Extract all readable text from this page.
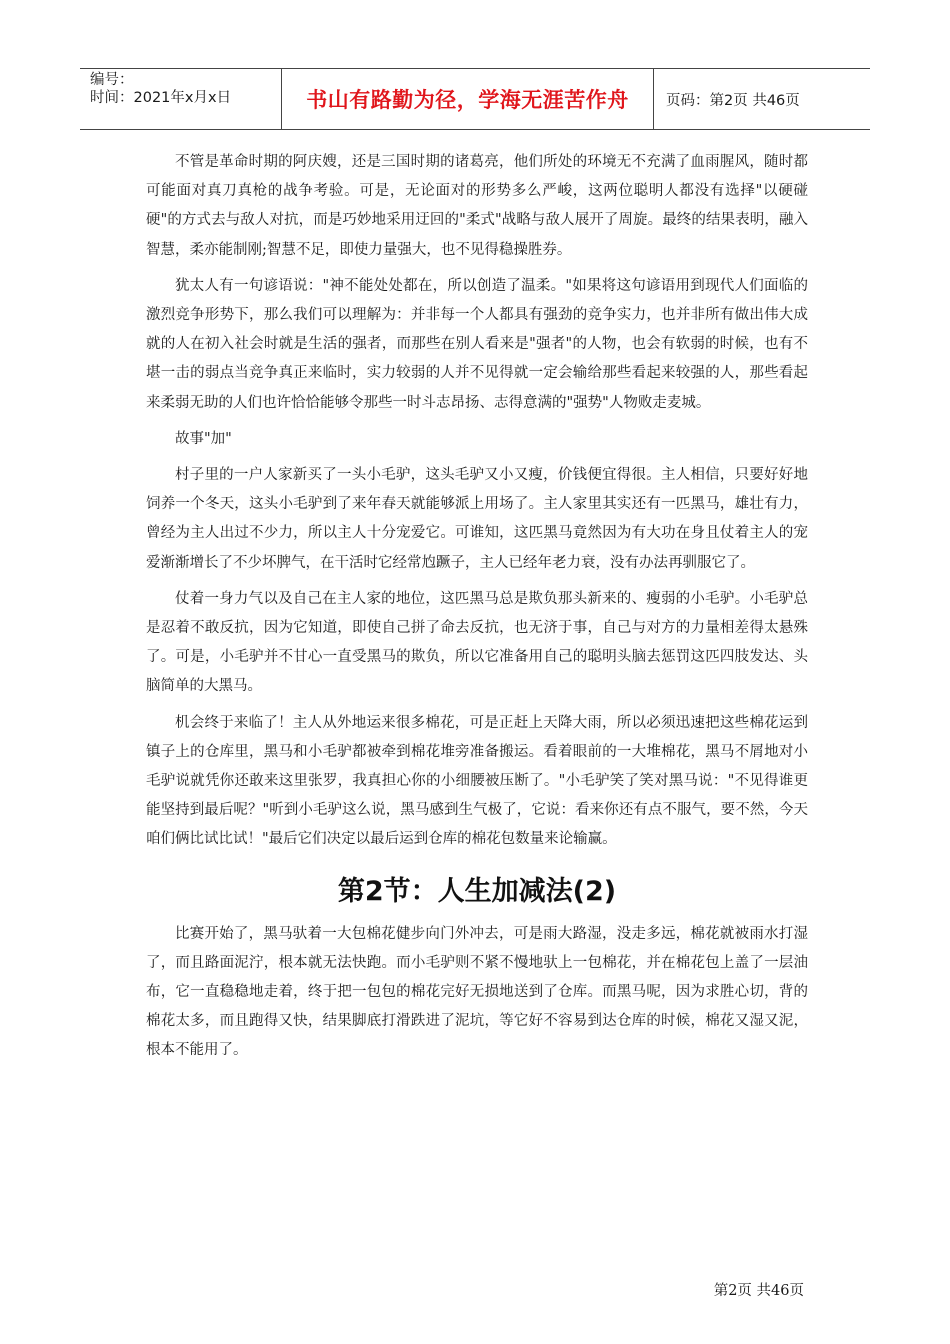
编号：
时间：2021年x月x日	书山有路勤为径，学海无涯苦作舟	页码：第2页 共46页

不管是革命时期的阿庆嫂，还是三国时期的诸葛亮，他们所处的环境无不充满了血雨腥风，随时都可能面对真刀真枪的战争考验。可是，无论面对的形势多么严峻，这两位聪明人都没有选择"以硬碰硬"的方式去与敌人对抗，而是巧妙地采用迂回的"柔式"战略与敌人展开了周旋。最终的结果表明，融入智慧，柔亦能制刚;智慧不足，即使力量强大，也不见得稳操胜券。

犹太人有一句谚语说："神不能处处都在，所以创造了温柔。"如果将这句谚语用到现代人们面临的激烈竞争形势下，那么我们可以理解为：并非每一个人都具有强劲的竞争实力，也并非所有做出伟大成就的人在初入社会时就是生活的强者，而那些在别人看来是"强者"的人物，也会有软弱的时候，也有不堪一击的弱点当竞争真正来临时，实力较弱的人并不见得就一定会输给那些看起来较强的人，那些看起来柔弱无助的人们也许恰恰能够令那些一时斗志昂扬、志得意满的"强势"人物败走麦城。

故事"加"

村子里的一户人家新买了一头小毛驴，这头毛驴又小又瘦，价钱便宜得很。主人相信，只要好好地饲养一个冬天，这头小毛驴到了来年春天就能够派上用场了。主人家里其实还有一匹黑马，雄壮有力，曾经为主人出过不少力，所以主人十分宠爱它。可谁知，这匹黑马竟然因为有大功在身且仗着主人的宠爱渐渐增长了不少坏脾气，在干活时它经常尥蹶子，主人已经年老力衰，没有办法再驯服它了。

仗着一身力气以及自己在主人家的地位，这匹黑马总是欺负那头新来的、瘦弱的小毛驴。小毛驴总是忍着不敢反抗，因为它知道，即使自己拼了命去反抗，也无济于事，自己与对方的力量相差得太悬殊了。可是，小毛驴并不甘心一直受黑马的欺负，所以它准备用自己的聪明头脑去惩罚这匹四肢发达、头脑简单的大黑马。

机会终于来临了！主人从外地运来很多棉花，可是正赶上天降大雨，所以必须迅速把这些棉花运到镇子上的仓库里，黑马和小毛驴都被牵到棉花堆旁准备搬运。看着眼前的一大堆棉花，黑马不屑地对小毛驴说就凭你还敢来这里张罗，我真担心你的小细腰被压断了。"小毛驴笑了笑对黑马说："不见得谁更能坚持到最后呢？"听到小毛驴这么说，黑马感到生气极了，它说：看来你还有点不服气，要不然，今天咱们俩比试比试！"最后它们决定以最后运到仓库的棉花包数量来论输赢。

第2节：人生加减法(2)

比赛开始了，黑马驮着一大包棉花健步向门外冲去，可是雨大路湿，没走多远，棉花就被雨水打湿了，而且路面泥泞，根本就无法快跑。而小毛驴则不紧不慢地驮上一包棉花，并在棉花包上盖了一层油布，它一直稳稳地走着，终于把一包包的棉花完好无损地送到了仓库。而黑马呢，因为求胜心切，背的棉花太多，而且跑得又快，结果脚底打滑跌进了泥坑，等它好不容易到达仓库的时候，棉花又湿又泥，根本不能用了。

第2页 共46页
